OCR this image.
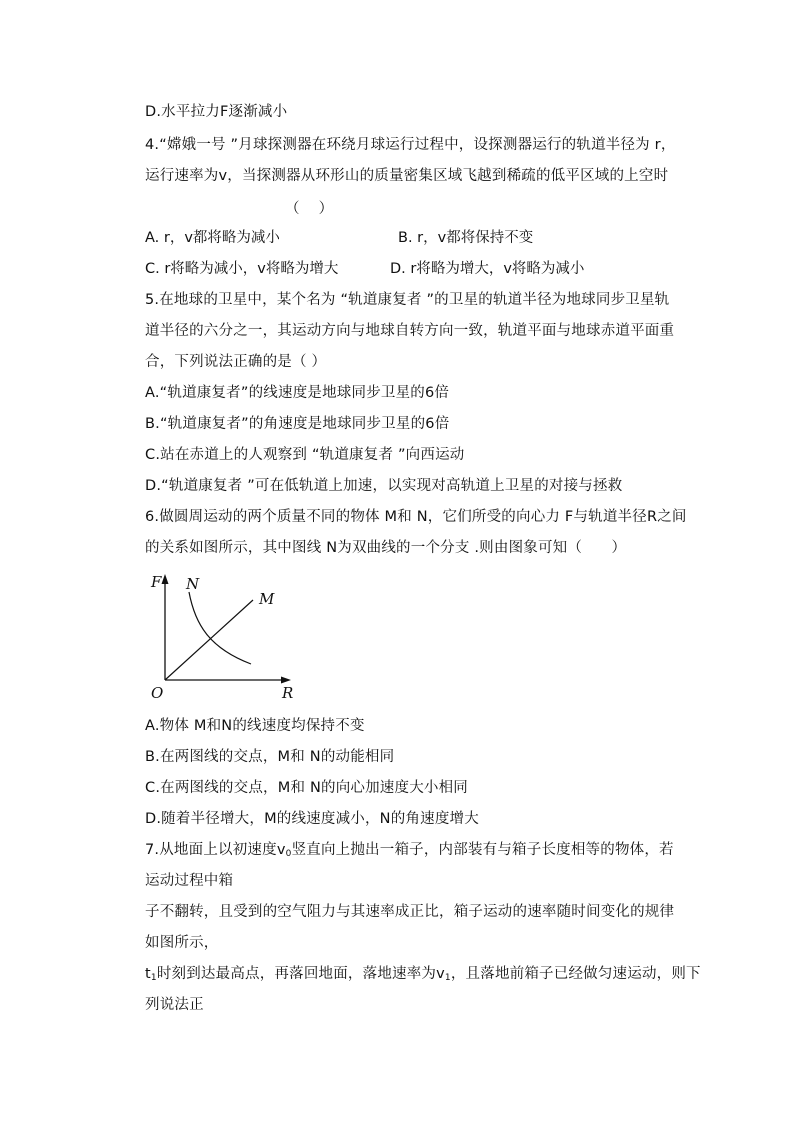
D.水平拉力F逐渐减小
4.“嫦娥一号 ”月球探测器在环绕月球运行过程中，设探测器运行的轨道半径为 r，
运行速率为v，当探测器从环形山的质量密集区域飞越到稀疏的低平区域的上空时
（　 ）
A. r，v都将略为减小	B. r，v都将保持不变
C. r将略为减小，v将略为增大	D. r将略为增大，v将略为减小
5.在地球的卫星中，某个名为 “轨道康复者 ”的卫星的轨道半径为地球同步卫星轨
道半径的六分之一，其运动方向与地球自转方向一致，轨道平面与地球赤道平面重
合，下列说法正确的是（ ）
A.“轨道康复者”的线速度是地球同步卫星的6倍
B.“轨道康复者”的角速度是地球同步卫星的6倍
C.站在赤道上的人观察到 “轨道康复者 ”向西运动
D.“轨道康复者 ”可在低轨道上加速，以实现对高轨道上卫星的对接与拯救
6.做圆周运动的两个质量不同的物体 M和 N，它们所受的向心力 F与轨道半径R之间
的关系如图所示，其中图线 N为双曲线的一个分支 .则由图象可知（　　）
F N
M
O	R
A.物体 M和N的线速度均保持不变
B.在两图线的交点，M和 N的动能相同
C.在两图线的交点，M和 N的向心加速度大小相同
D.随着半径增大，M的线速度减小，N的角速度增大
7.从地面上以初速度$v_0$竖直向上抛出一箱子，内部装有与箱子长度相等的物体，若
运动过程中箱
子不翻转，且受到的空气阻力与其速率成正比，箱子运动的速率随时间变化的规律
如图所示，
$t_1$时刻到达最高点，再落回地面，落地速率为$v_1$，且落地前箱子已经做匀速运动，则下
列说法正
